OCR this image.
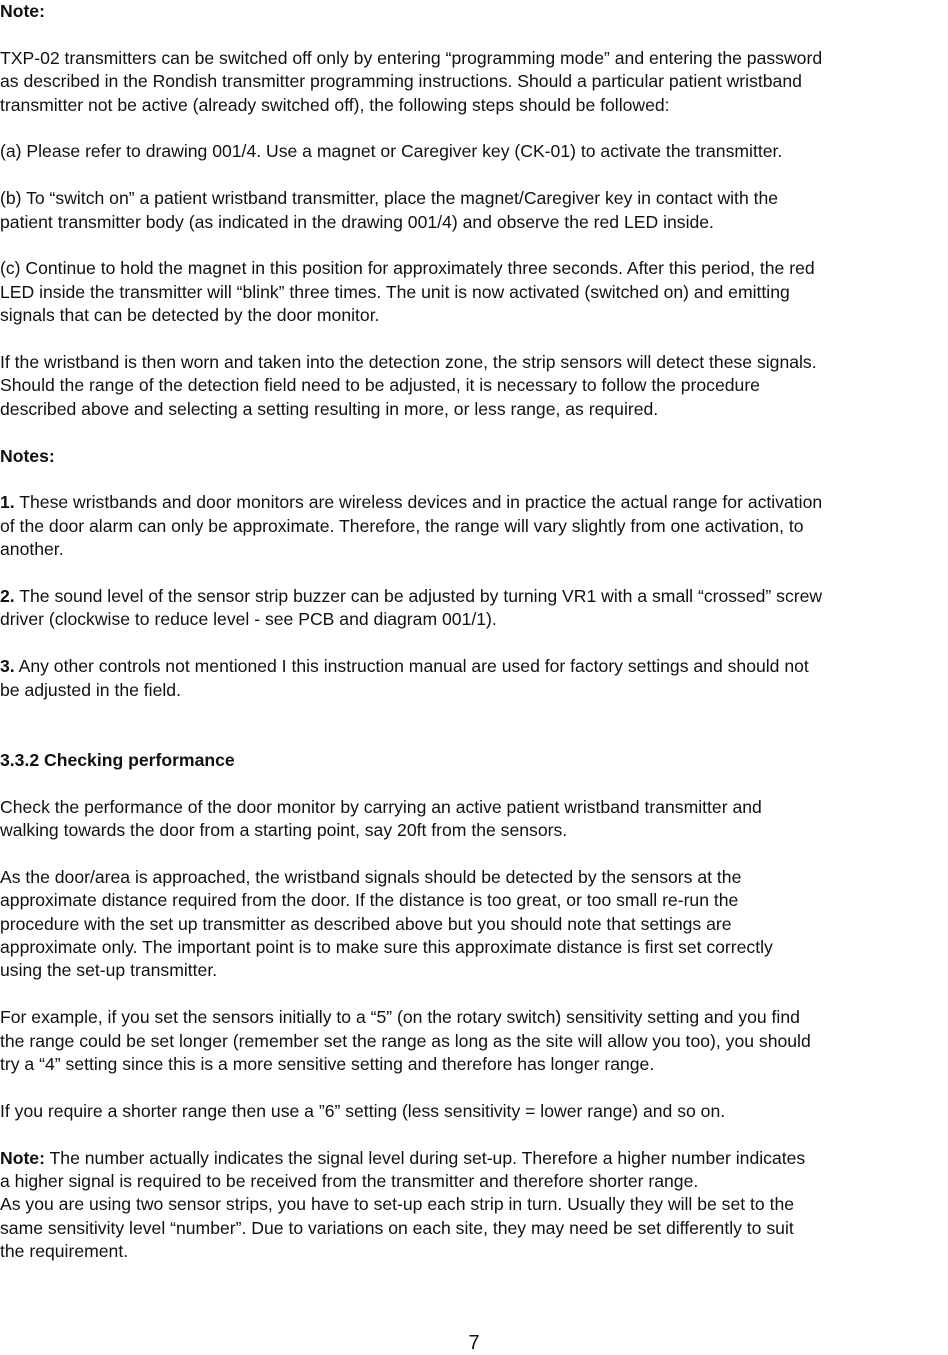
Note:

TXP-02 transmitters can be switched off only by entering “programming mode” and entering the password
as described in the Rondish transmitter programming instructions. Should a particular patient wristband
transmitter not be active (already switched off), the following steps should be followed:

(a) Please refer to drawing 001/4. Use a magnet or Caregiver key (CK-01) to activate the transmitter.

(b) To “switch on” a patient wristband transmitter, place the magnet/Caregiver key in contact with the
patient transmitter body (as indicated in the drawing 001/4) and observe the red LED inside.

(c) Continue to hold the magnet in this position for approximately three seconds. After this period, the red
LED inside the transmitter will “blink” three times. The unit is now activated (switched on) and emitting
signals that can be detected by the door monitor.

If the wristband is then worn and taken into the detection zone, the strip sensors will detect these signals.
Should the range of the detection field need to be adjusted, it is necessary to follow the procedure
described above and selecting a setting resulting in more, or less range, as required.

Notes:

1. These wristbands and door monitors are wireless devices and in practice the actual range for activation
of the door alarm can only be approximate. Therefore, the range will vary slightly from one activation, to
another.

2. The sound level of the sensor strip buzzer can be adjusted by turning VR1 with a small “crossed” screw
driver (clockwise to reduce level - see PCB and diagram 001/1).

3. Any other controls not mentioned I this instruction manual are used for factory settings and should not
be adjusted in the field.

3.3.2 Checking performance

Check the performance of the door monitor by carrying an active patient wristband transmitter and
walking towards the door from a starting point, say 20ft from the sensors.

As the door/area is approached, the wristband signals should be detected by the sensors at the
approximate distance required from the door. If the distance is too great, or too small re-run the
procedure with the set up transmitter as described above but you should note that settings are
approximate only. The important point is to make sure this approximate distance is first set correctly
using the set-up transmitter.

For example, if you set the sensors initially to a “5” (on the rotary switch) sensitivity setting and you find
the range could be set longer (remember set the range as long as the site will allow you too), you should
try a “4” setting since this is a more sensitive setting and therefore has longer range.

If you require a shorter range then use a ”6” setting (less sensitivity = lower range) and so on.

Note: The number actually indicates the signal level during set-up. Therefore a higher number indicates
a higher signal is required to be received from the transmitter and therefore shorter range.
As you are using two sensor strips, you have to set-up each strip in turn. Usually they will be set to the
same sensitivity level “number”. Due to variations on each site, they may need be set differently to suit
the requirement.

7
